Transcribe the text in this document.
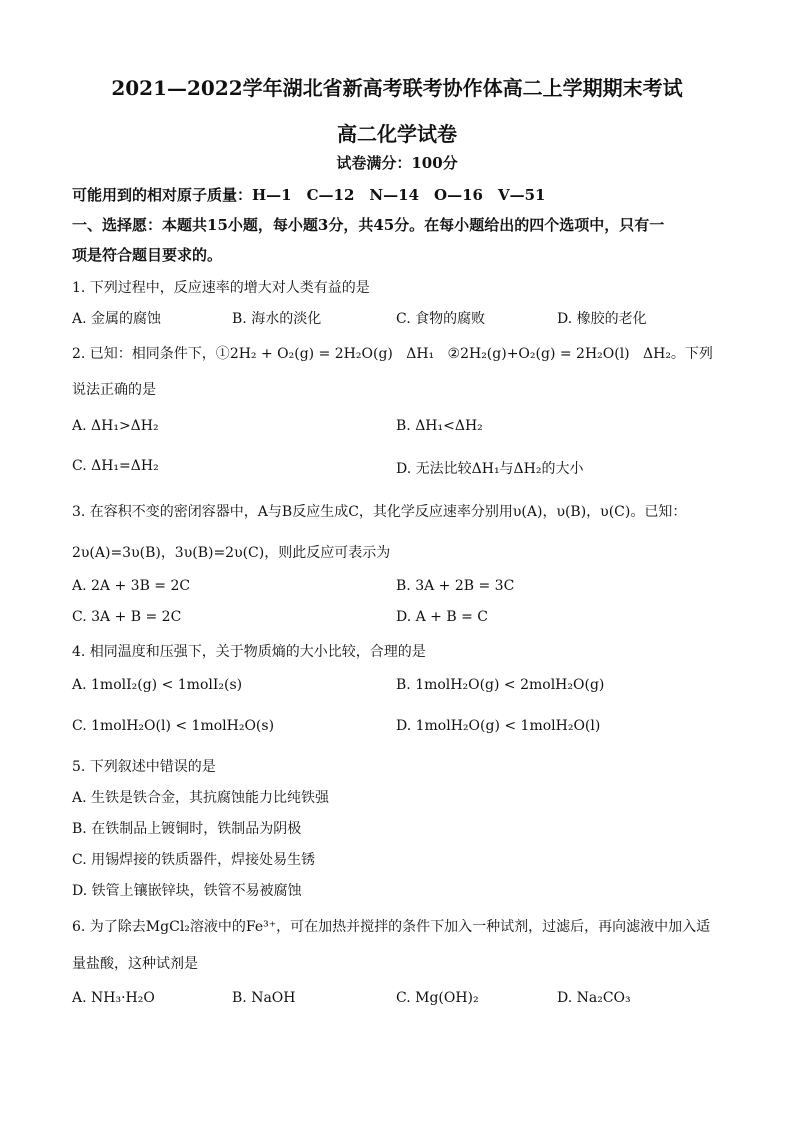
2021—2022学年湖北省新高考联考协作体高二上学期期末考试
高二化学试卷
试卷满分：100分
可能用到的相对原子质量：H—1　C—12　N—14　O—16　V—51
一、选择愿：本题共15小题，每小题3分，共45分。在每小题给出的四个选项中，只有一
项是符合题目要求的。
1. 下列过程中，反应速率的增大对人类有益的是
A. 金属的腐蚀	B. 海水的淡化	C. 食物的腐败	D. 橡胶的老化
2. 已知：相同条件下，①2H₂ + O₂(g) = 2H₂O(g) ΔH₁ ②2H₂(g)+O₂(g) = 2H₂O(l) ΔH₂。下列
说法正确的是
A. ΔH₁>ΔH₂	B. ΔH₁<ΔH₂
C. ΔH₁=ΔH₂	D. 无法比较ΔH₁与ΔH₂的大小
3. 在容积不变的密闭容器中，A与B反应生成C，其化学反应速率分别用υ(A)，υ(B)，υ(C)。已知：
2υ(A)=3υ(B)，3υ(B)=2υ(C)，则此反应可表示为
A. 2A + 3B = 2C	B. 3A + 2B = 3C
C. 3A + B = 2C	D. A + B = C
4. 相同温度和压强下，关于物质熵的大小比较，合理的是
A. 1molI₂(g) < 1molI₂(s)	B. 1molH₂O(g) < 2molH₂O(g)
C. 1molH₂O(l) < 1molH₂O(s)	D. 1molH₂O(g) < 1molH₂O(l)
5. 下列叙述中错误的是
A. 生铁是铁合金，其抗腐蚀能力比纯铁强
B. 在铁制品上镀铜时，铁制品为阴极
C. 用锡焊接的铁质器件，焊接处易生锈
D. 铁管上镶嵌锌块，铁管不易被腐蚀
6. 为了除去MgCl₂溶液中的Fe³⁺，可在加热并搅拌的条件下加入一种试剂，过滤后，再向滤液中加入适
量盐酸，这种试剂是
A. NH₃·H₂O	B. NaOH	C. Mg(OH)₂	D. Na₂CO₃
